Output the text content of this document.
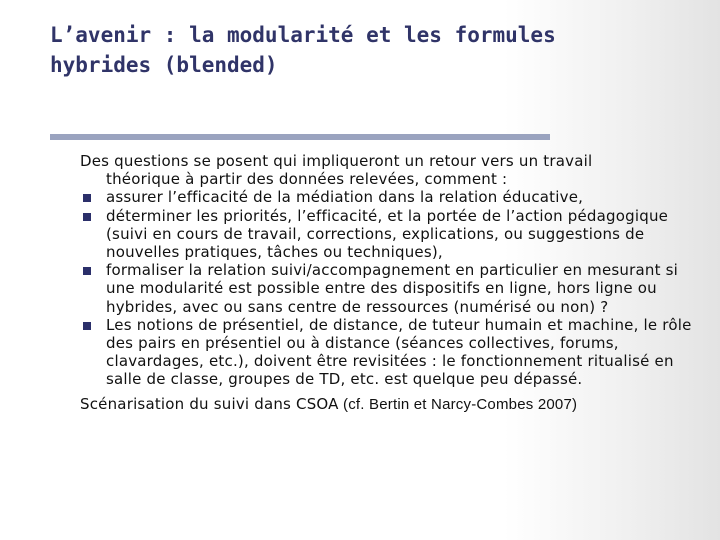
L’avenir : la modularité et les formules
hybrides (blended)
Des questions se posent qui impliqueront un retour vers un travail
théorique à partir des données relevées, comment :
assurer l’efficacité de la médiation dans la relation éducative,
déterminer les priorités, l’efficacité, et la portée de l’action pédagogique (suivi en cours de travail, corrections, explications, ou suggestions de nouvelles pratiques, tâches ou techniques),
formaliser la relation suivi/accompagnement en particulier en mesurant si une modularité est possible entre des dispositifs en ligne, hors ligne ou hybrides, avec ou sans centre de ressources (numérisé ou non) ?
Les notions de présentiel, de distance, de tuteur humain et machine, le rôle des pairs en présentiel ou à distance (séances collectives, forums, clavardages, etc.), doivent être revisitées : le fonctionnement ritualisé en salle de classe, groupes de TD, etc. est quelque peu dépassé.
Scénarisation du suivi dans CSOA (cf. Bertin et Narcy-Combes 2007)
